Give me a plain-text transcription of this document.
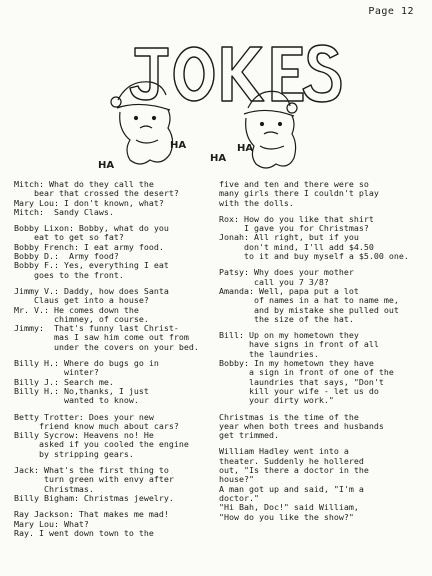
Page 12
HA
HA
HA
HA
Mitch: What do they call the
bear that crossed the desert?
Mary Lou: I don't known, what?
Mitch:  Sandy Claws.
Bobby Lixon: Bobby, what do you
eat to get so fat?
Bobby French: I eat army food.
Bobby D.:  Army food?
Bobby F.: Yes, everything I eat
goes to the front.
Jimmy V.: Daddy, how does Santa
Claus get into a house?
Mr. V.: He comes down the
chimney, of course.
Jimmy:  That's funny last Christ-
mas I saw him come out from
under the covers on your bed.
Billy H.: Where do bugs go in
winter?
Billy J.: Search me.
Billy H.: No,thanks, I just
wanted to know.
Betty Trotter: Does your new
friend know much about cars?
Billy Sycrow: Heavens no! He
asked if you cooled the engine
by stripping gears.
Jack: What's the first thing to
turn green with envy after
Christmas.
Billy Bigham: Christmas jewelry.
Ray Jackson: That makes me mad!
Mary Lou: What?
Ray. I went down town to the
five and ten and there were so
many girls there I couldn't play
with the dolls.
Rox: How do you like that shirt
I gave you for Christmas?
Jonah: All right, but if you
don't mind, I'll add $4.50
to it and buy myself a $5.00 one.
Patsy: Why does your mother
call you 7 3/8?
Amanda: Well, papa put a lot
of names in a hat to name me,
and by mistake she pulled out
the size of the hat.
Bill: Up on my hometown they
have signs in front of all
the laundries.
Bobby: In my hometown they have
a sign in front of one of the
laundries that says, "Don't
kill your wife - let us do
your dirty work."
Christmas is the time of the
year when both trees and husbands
get trimmed.
William Hadley went into a
theater. Suddenly he hollered
out, "Is there a doctor in the
house?"
A man got up and said, "I'm a
doctor."
"Hi Bah, Doc!" said William,
"How do you like the show?"
